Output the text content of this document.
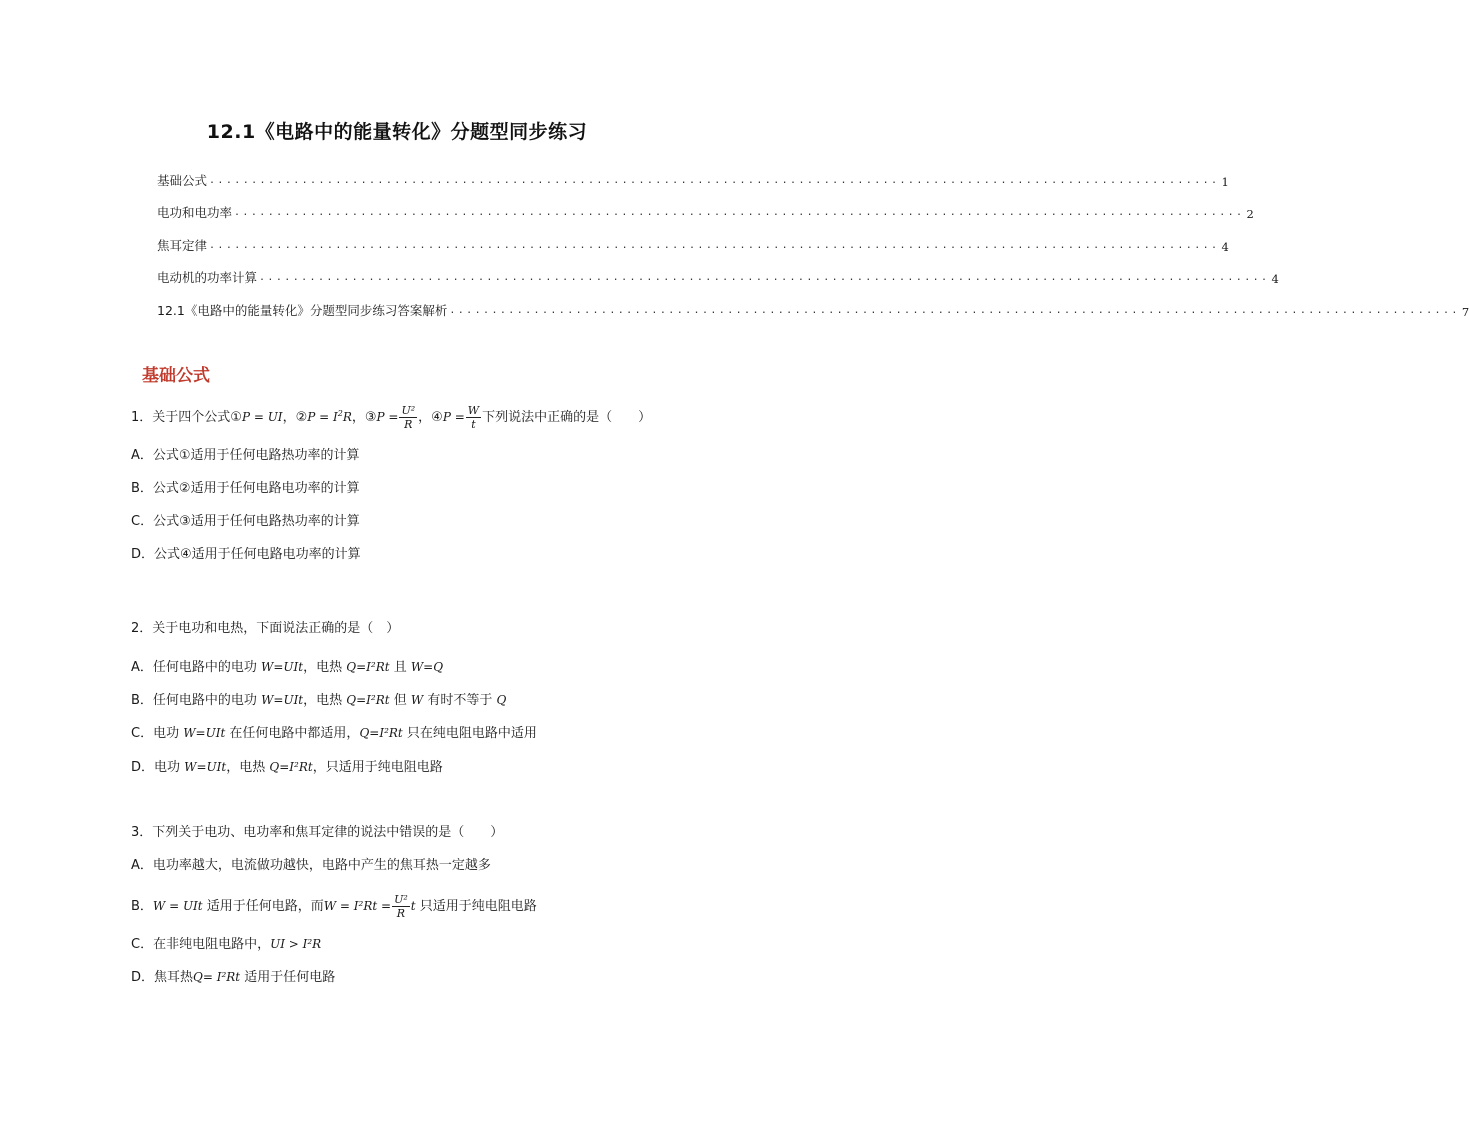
12.1《电路中的能量转化》分题型同步练习
基础公式 ........................................................................................................................ 1
电功和电功率 ........................................................................................................................ 2
焦耳定律 ........................................................................................................................ 4
电动机的功率计算 ........................................................................................................................ 4
12.1《电路中的能量转化》分题型同步练习答案解析 ........................................................................................................................ 7
基础公式
1．关于四个公式①P = UI，②P = $I^2R$，③P = $\frac{\text{U²}}{R}$ ，④P = $\frac{W}{t}$ 下列说法中正确的是（　　）
A．公式①适用于任何电路热功率的计算
B．公式②适用于任何电路电功率的计算
C．公式③适用于任何电路热功率的计算
D．公式④适用于任何电路电功率的计算
2．关于电功和电热，下面说法正确的是（　）
A．任何电路中的电功 W=UIt，电热 Q=I²Rt 且 W=Q
B．任何电路中的电功 W=UIt，电热 Q=I²Rt 但 W 有时不等于 Q
C．电功 W=UIt 在任何电路中都适用，Q=I²Rt 只在纯电阻电路中适用
D．电功 W=UIt，电热 Q=I²Rt，只适用于纯电阻电路
3．下列关于电功、电功率和焦耳定律的说法中错误的是（　　）
A．电功率越大，电流做功越快，电路中产生的焦耳热一定越多
B．W = UIt 适用于任何电路，而$W = I^2Rt = \frac{\text{U²}}{R}$ t 只适用于纯电阻电路
C．在非纯电阻电路中，UI > I²R
D．焦耳热Q= I²Rt 适用于任何电路
